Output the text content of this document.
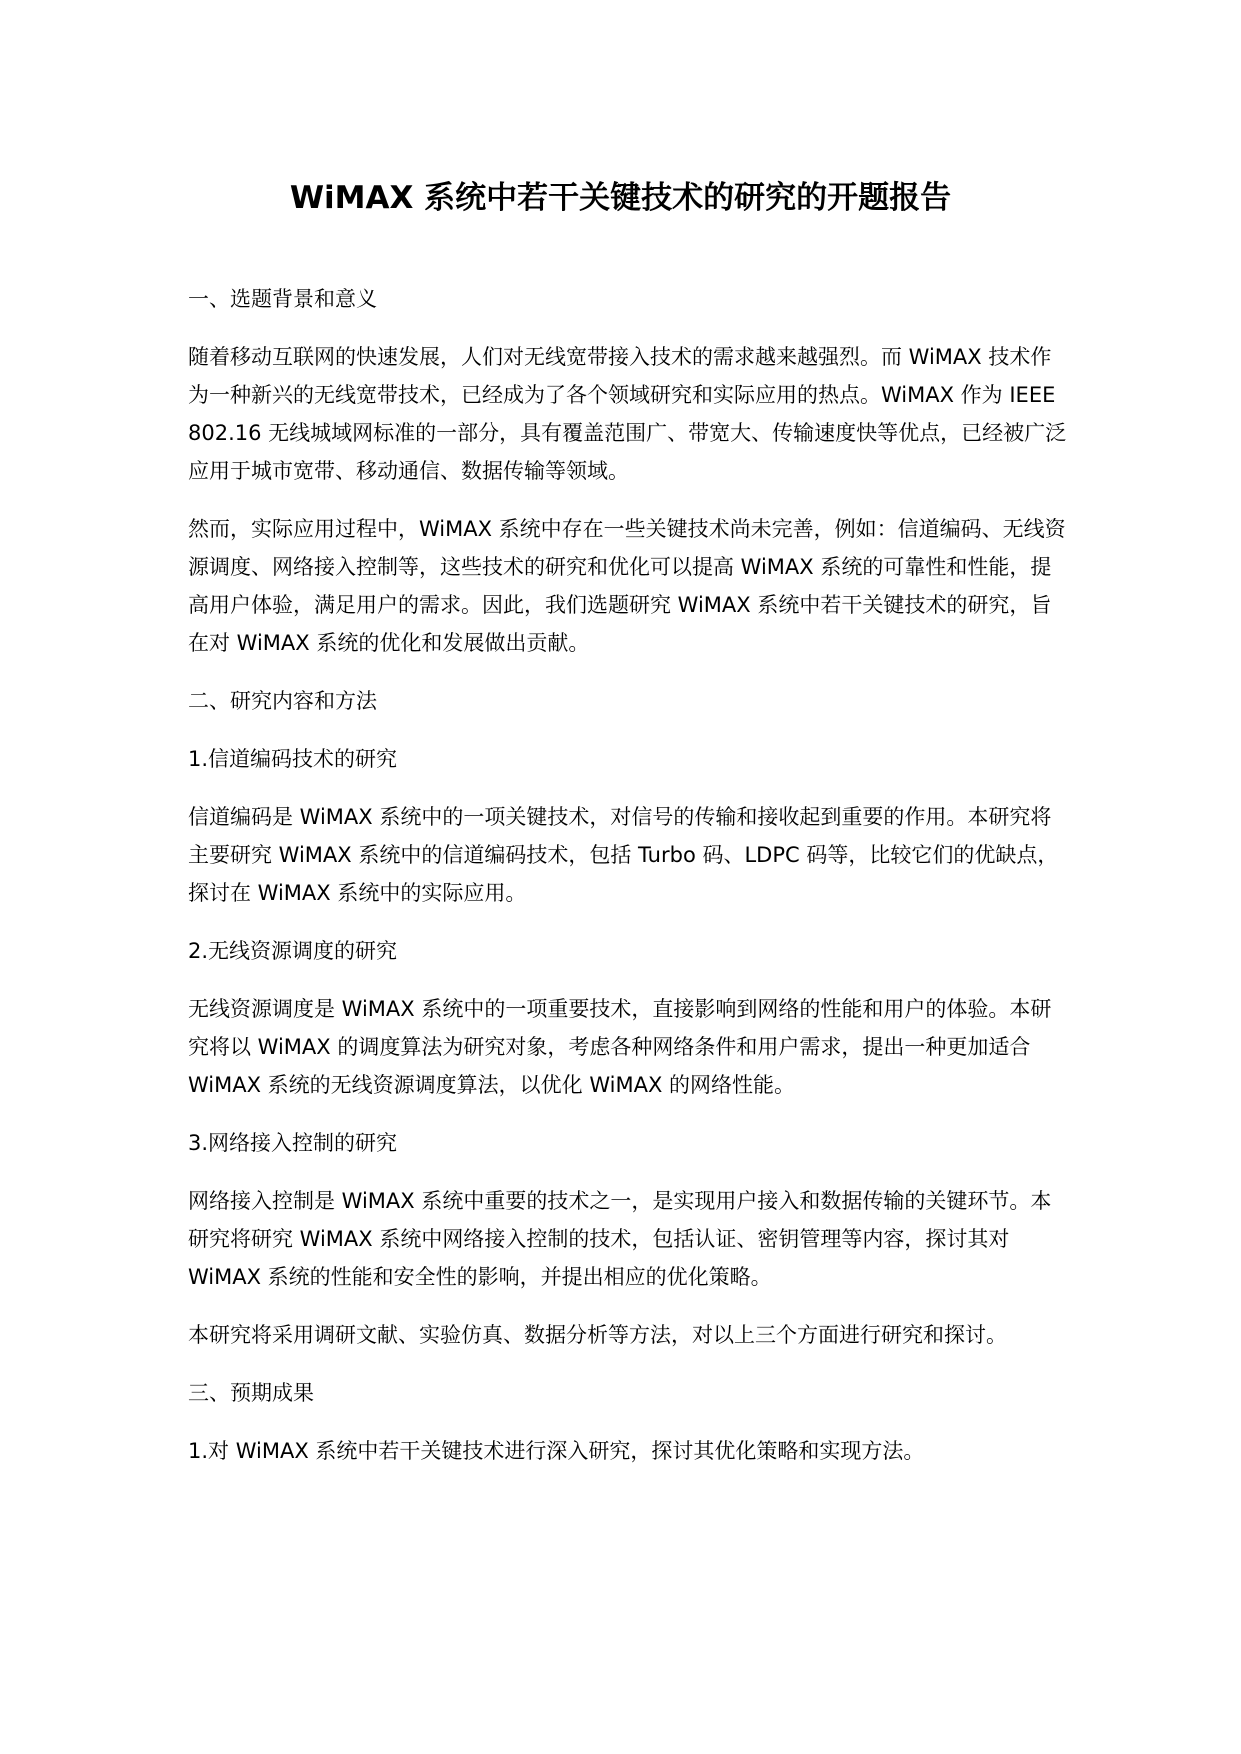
WiMAX 系统中若干关键技术的研究的开题报告

一、选题背景和意义

随着移动互联网的快速发展，人们对无线宽带接入技术的需求越来越强烈。而 WiMAX 技术作为一种新兴的无线宽带技术，已经成为了各个领域研究和实际应用的热点。WiMAX 作为 IEEE 802.16 无线城域网标准的一部分，具有覆盖范围广、带宽大、传输速度快等优点，已经被广泛应用于城市宽带、移动通信、数据传输等领域。

然而，实际应用过程中，WiMAX 系统中存在一些关键技术尚未完善，例如：信道编码、无线资源调度、网络接入控制等，这些技术的研究和优化可以提高 WiMAX 系统的可靠性和性能，提高用户体验，满足用户的需求。因此，我们选题研究 WiMAX 系统中若干关键技术的研究，旨在对 WiMAX 系统的优化和发展做出贡献。

二、研究内容和方法

1.信道编码技术的研究

信道编码是 WiMAX 系统中的一项关键技术，对信号的传输和接收起到重要的作用。本研究将主要研究 WiMAX 系统中的信道编码技术，包括 Turbo 码、LDPC 码等，比较它们的优缺点，探讨在 WiMAX 系统中的实际应用。

2.无线资源调度的研究

无线资源调度是 WiMAX 系统中的一项重要技术，直接影响到网络的性能和用户的体验。本研究将以 WiMAX 的调度算法为研究对象，考虑各种网络条件和用户需求，提出一种更加适合 WiMAX 系统的无线资源调度算法，以优化 WiMAX 的网络性能。

3.网络接入控制的研究

网络接入控制是 WiMAX 系统中重要的技术之一，是实现用户接入和数据传输的关键环节。本研究将研究 WiMAX 系统中网络接入控制的技术，包括认证、密钥管理等内容，探讨其对 WiMAX 系统的性能和安全性的影响，并提出相应的优化策略。

本研究将采用调研文献、实验仿真、数据分析等方法，对以上三个方面进行研究和探讨。

三、预期成果

1.对 WiMAX 系统中若干关键技术进行深入研究，探讨其优化策略和实现方法。
